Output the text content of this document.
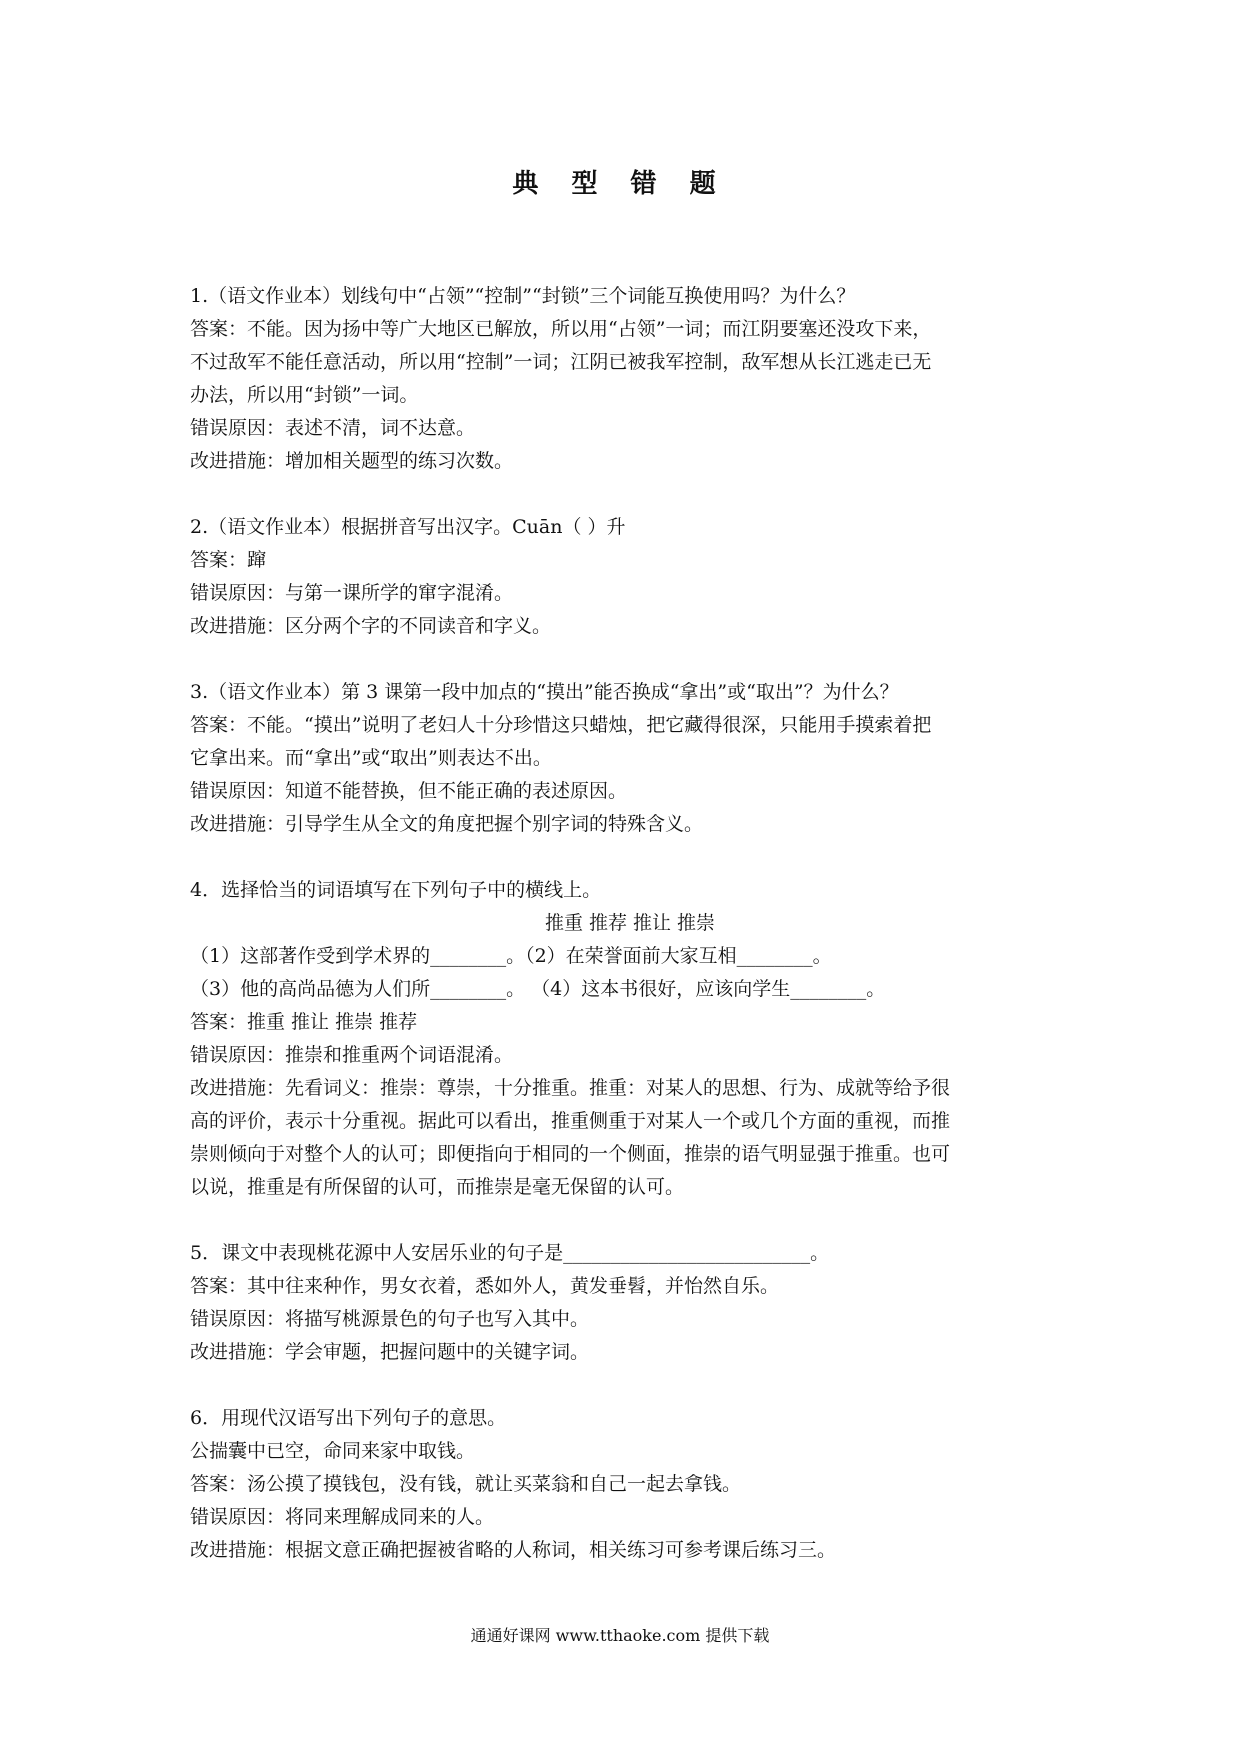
典 型 错 题
1.（语文作业本）划线句中“占领”“控制”“封锁”三个词能互换使用吗？为什么？
答案：不能。因为扬中等广大地区已解放，所以用“占领”一词；而江阴要塞还没攻下来，
不过敌军不能任意活动，所以用“控制”一词；江阴已被我军控制，敌军想从长江逃走已无
办法，所以用“封锁”一词。
错误原因：表述不清，词不达意。
改进措施：增加相关题型的练习次数。
2.（语文作业本）根据拼音写出汉字。Cuān（ ）升
答案：蹿
错误原因：与第一课所学的窜字混淆。
改进措施：区分两个字的不同读音和字义。
3.（语文作业本）第 3 课第一段中加点的“摸出”能否换成“拿出”或“取出”？为什么？
答案：不能。“摸出”说明了老妇人十分珍惜这只蜡烛，把它藏得很深，只能用手摸索着把
它拿出来。而“拿出”或“取出”则表达不出。
错误原因：知道不能替换，但不能正确的表述原因。
改进措施：引导学生从全文的角度把握个别字词的特殊含义。
4．选择恰当的词语填写在下列句子中的横线上。
推重 推荐 推让 推崇
（1）这部著作受到学术界的________。（2）在荣誉面前大家互相________。
（3）他的高尚品德为人们所________。 （4）这本书很好，应该向学生________。
答案：推重 推让 推崇 推荐
错误原因：推崇和推重两个词语混淆。
改进措施：先看词义：推崇：尊崇，十分推重。推重：对某人的思想、行为、成就等给予很
高的评价，表示十分重视。据此可以看出，推重侧重于对某人一个或几个方面的重视，而推
崇则倾向于对整个人的认可；即便指向于相同的一个侧面，推崇的语气明显强于推重。也可
以说，推重是有所保留的认可，而推崇是毫无保留的认可。
5．课文中表现桃花源中人安居乐业的句子是__________________________。
答案：其中往来种作，男女衣着，悉如外人，黄发垂髫，并怡然自乐。
错误原因：将描写桃源景色的句子也写入其中。
改进措施：学会审题，把握问题中的关键字词。
6．用现代汉语写出下列句子的意思。
公揣囊中已空，命同来家中取钱。
答案：汤公摸了摸钱包，没有钱，就让买菜翁和自己一起去拿钱。
错误原因：将同来理解成同来的人。
改进措施：根据文意正确把握被省略的人称词，相关练习可参考课后练习三。
通通好课网 www.tthaoke.com 提供下载
